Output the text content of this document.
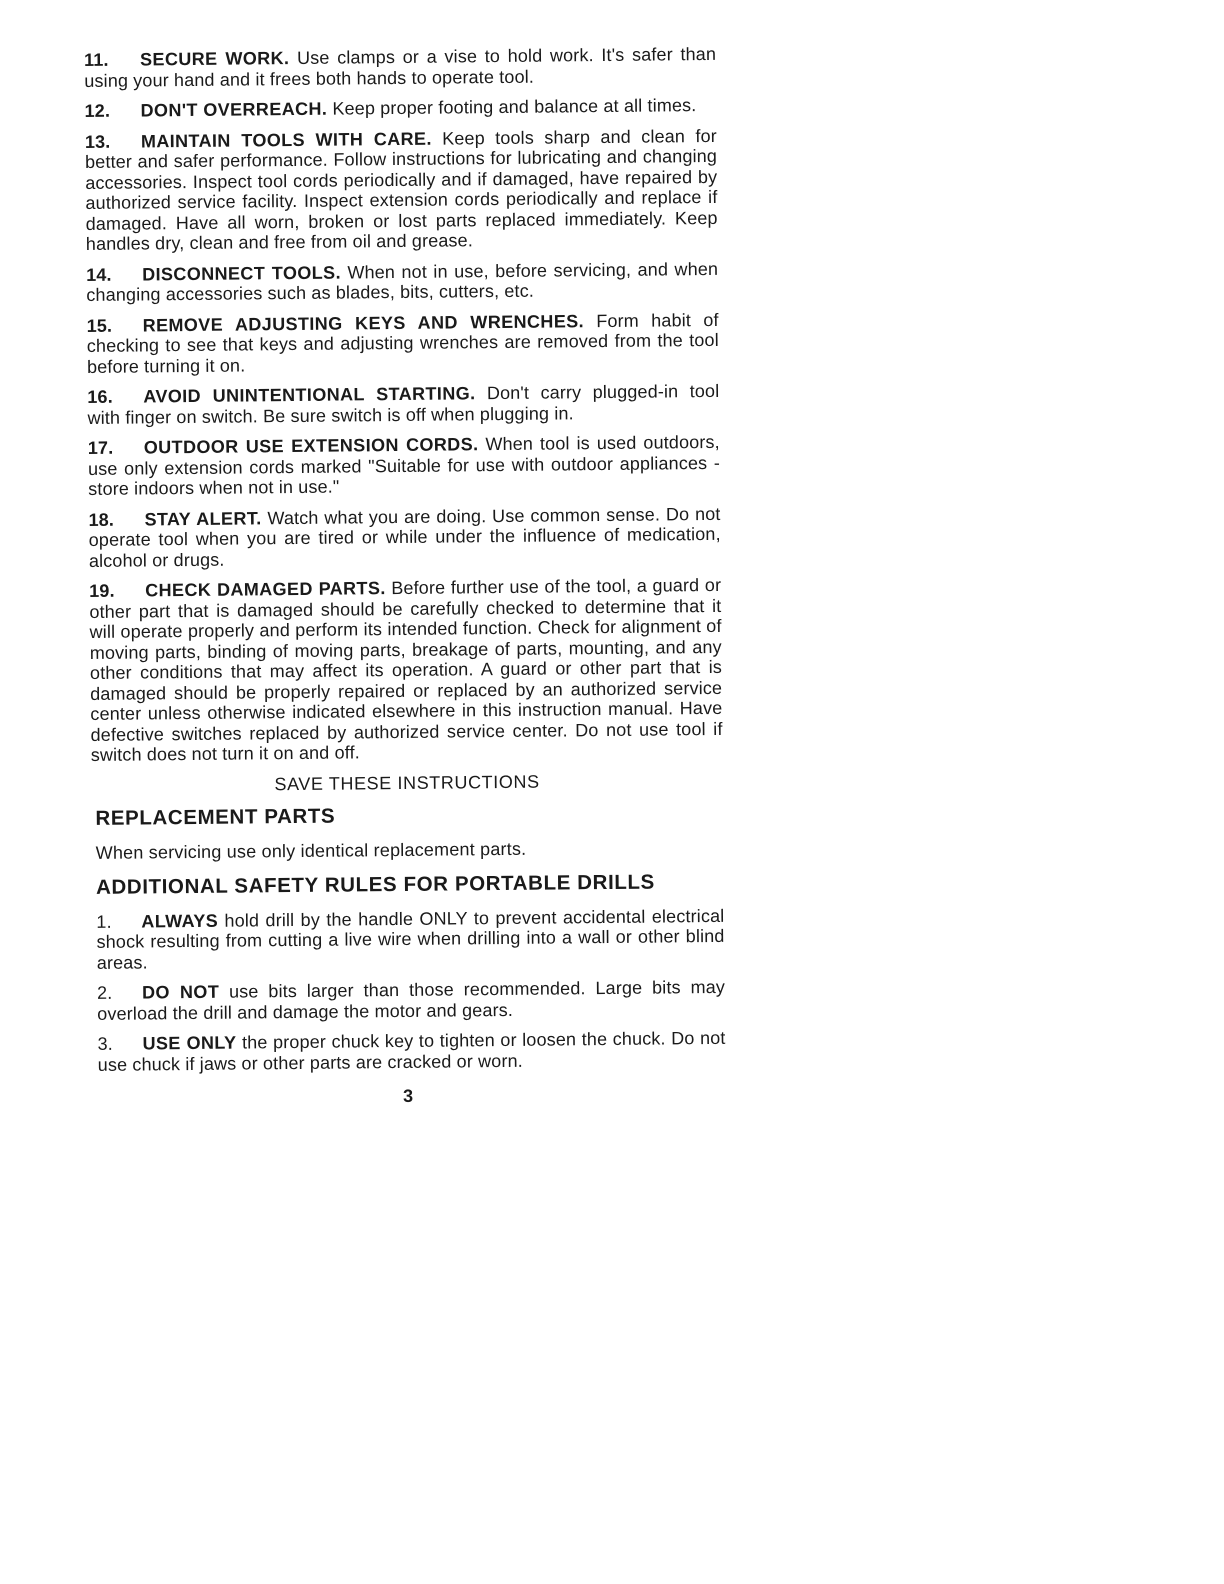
11. SECURE WORK. Use clamps or a vise to hold work. It's safer than using your hand and it frees both hands to operate tool.
12. DON'T OVERREACH. Keep proper footing and balance at all times.
13. MAINTAIN TOOLS WITH CARE. Keep tools sharp and clean for better and safer performance. Follow instructions for lubricating and changing accessories. Inspect tool cords periodically and if damaged, have repaired by authorized service facility. Inspect extension cords periodically and replace if damaged. Have all worn, broken or lost parts replaced immediately. Keep handles dry, clean and free from oil and grease.
14. DISCONNECT TOOLS. When not in use, before servicing, and when changing accessories such as blades, bits, cutters, etc.
15. REMOVE ADJUSTING KEYS AND WRENCHES. Form habit of checking to see that keys and adjusting wrenches are removed from the tool before turning it on.
16. AVOID UNINTENTIONAL STARTING. Don't carry plugged-in tool with finger on switch. Be sure switch is off when plugging in.
17. OUTDOOR USE EXTENSION CORDS. When tool is used outdoors, use only extension cords marked "Suitable for use with outdoor appliances - store indoors when not in use."
18. STAY ALERT. Watch what you are doing. Use common sense. Do not operate tool when you are tired or while under the influence of medication, alcohol or drugs.
19. CHECK DAMAGED PARTS. Before further use of the tool, a guard or other part that is damaged should be carefully checked to determine that it will operate properly and perform its intended function. Check for alignment of moving parts, binding of moving parts, breakage of parts, mounting, and any other conditions that may affect its operation. A guard or other part that is damaged should be properly repaired or replaced by an authorized service center unless otherwise indicated elsewhere in this instruction manual. Have defective switches replaced by authorized service center. Do not use tool if switch does not turn it on and off.
SAVE THESE INSTRUCTIONS
REPLACEMENT PARTS
When servicing use only identical replacement parts.
ADDITIONAL SAFETY RULES FOR PORTABLE DRILLS
1. ALWAYS hold drill by the handle ONLY to prevent accidental electrical shock resulting from cutting a live wire when drilling into a wall or other blind areas.
2. DO NOT use bits larger than those recommended. Large bits may overload the drill and damage the motor and gears.
3. USE ONLY the proper chuck key to tighten or loosen the chuck. Do not use chuck if jaws or other parts are cracked or worn.
3
